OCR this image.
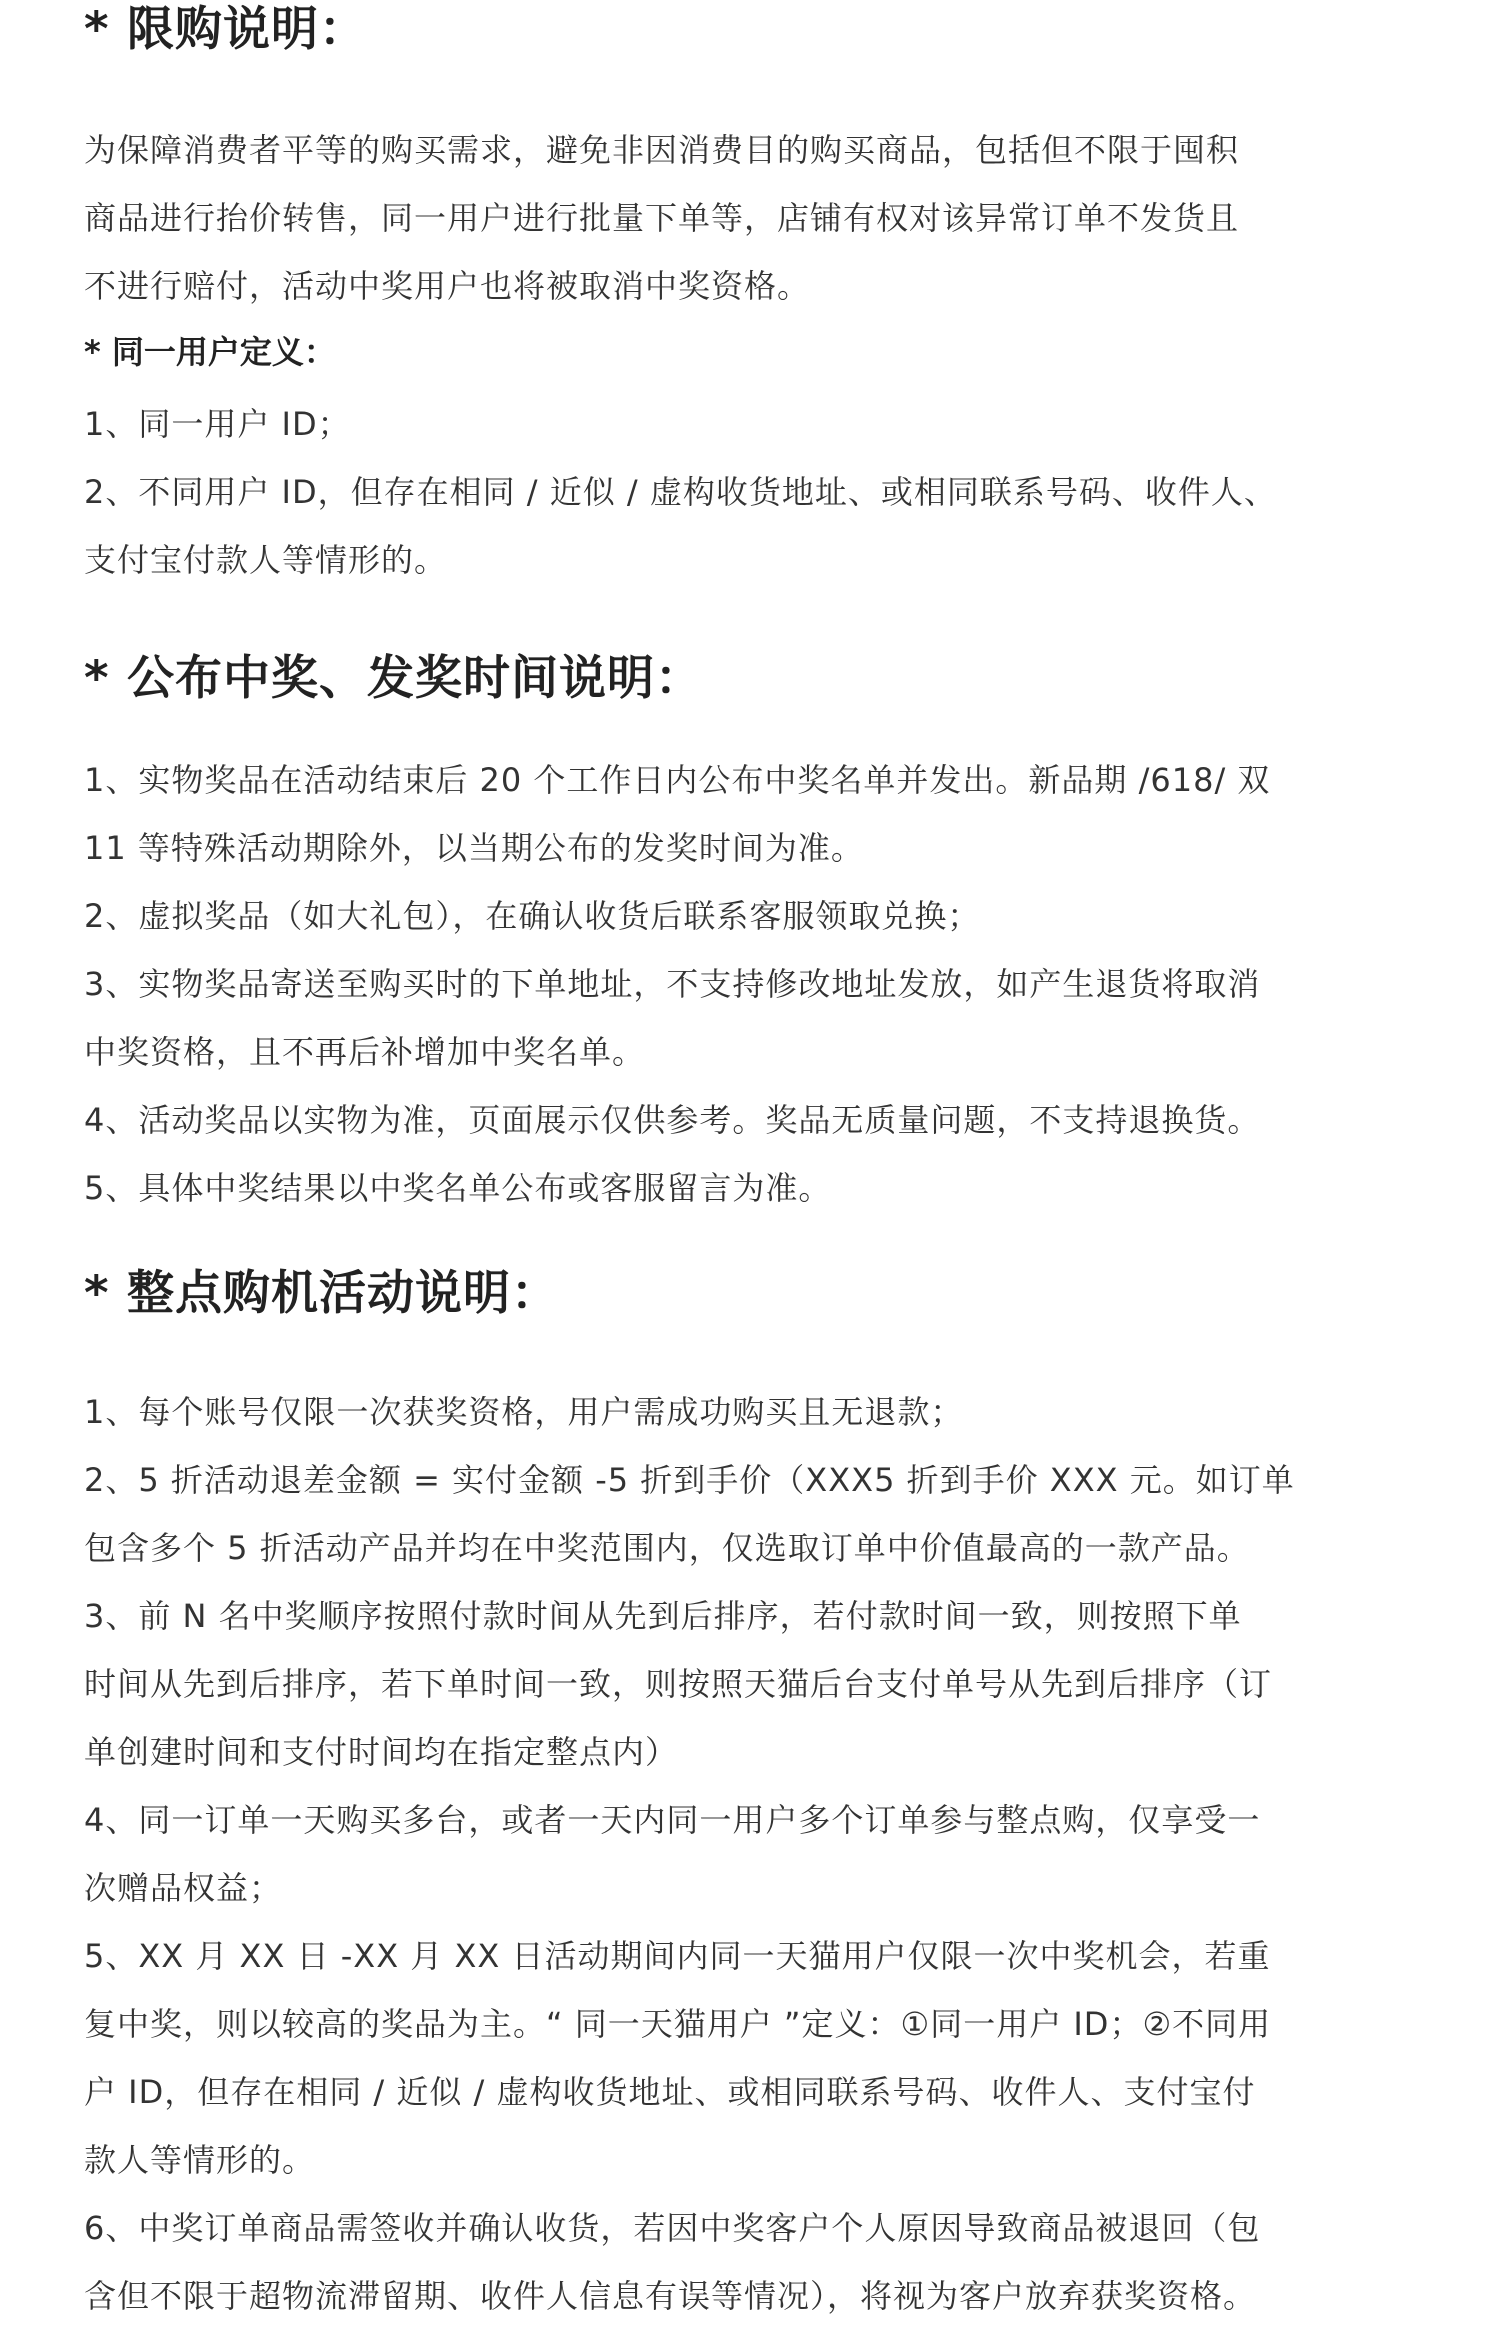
* 限购说明：

为保障消费者平等的购买需求，避免非因消费目的购买商品，包括但不限于囤积
商品进行抬价转售，同一用户进行批量下单等，店铺有权对该异常订单不发货且
不进行赔付，活动中奖用户也将被取消中奖资格。

* 同一用户定义：

1、同一用户 ID；
2、不同用户 ID，但存在相同 / 近似 / 虚构收货地址、或相同联系号码、收件人、
支付宝付款人等情形的。

* 公布中奖、发奖时间说明：

1、实物奖品在活动结束后 20 个工作日内公布中奖名单并发出。新品期 /618/ 双
11 等特殊活动期除外，以当期公布的发奖时间为准。
2、虚拟奖品（如大礼包），在确认收货后联系客服领取兑换；
3、实物奖品寄送至购买时的下单地址，不支持修改地址发放，如产生退货将取消
中奖资格，且不再后补增加中奖名单。
4、活动奖品以实物为准，页面展示仅供参考。奖品无质量问题，不支持退换货。
5、具体中奖结果以中奖名单公布或客服留言为准。

* 整点购机活动说明：

1、每个账号仅限一次获奖资格，用户需成功购买且无退款；
2、5 折活动退差金额 = 实付金额 -5 折到手价（XXX5 折到手价 XXX 元。如订单
包含多个 5 折活动产品并均在中奖范围内，仅选取订单中价值最高的一款产品。
3、前 N 名中奖顺序按照付款时间从先到后排序，若付款时间一致，则按照下单
时间从先到后排序，若下单时间一致，则按照天猫后台支付单号从先到后排序（订
单创建时间和支付时间均在指定整点内）
4、同一订单一天购买多台，或者一天内同一用户多个订单参与整点购，仅享受一
次赠品权益；
5、XX 月 XX 日 -XX 月 XX 日活动期间内同一天猫用户仅限一次中奖机会，若重
复中奖，则以较高的奖品为主。“ 同一天猫用户 ”定义：①同一用户 ID；②不同用
户 ID，但存在相同 / 近似 / 虚构收货地址、或相同联系号码、收件人、支付宝付
款人等情形的。
6、中奖订单商品需签收并确认收货，若因中奖客户个人原因导致商品被退回（包
含但不限于超物流滞留期、收件人信息有误等情况），将视为客户放弃获奖资格。
